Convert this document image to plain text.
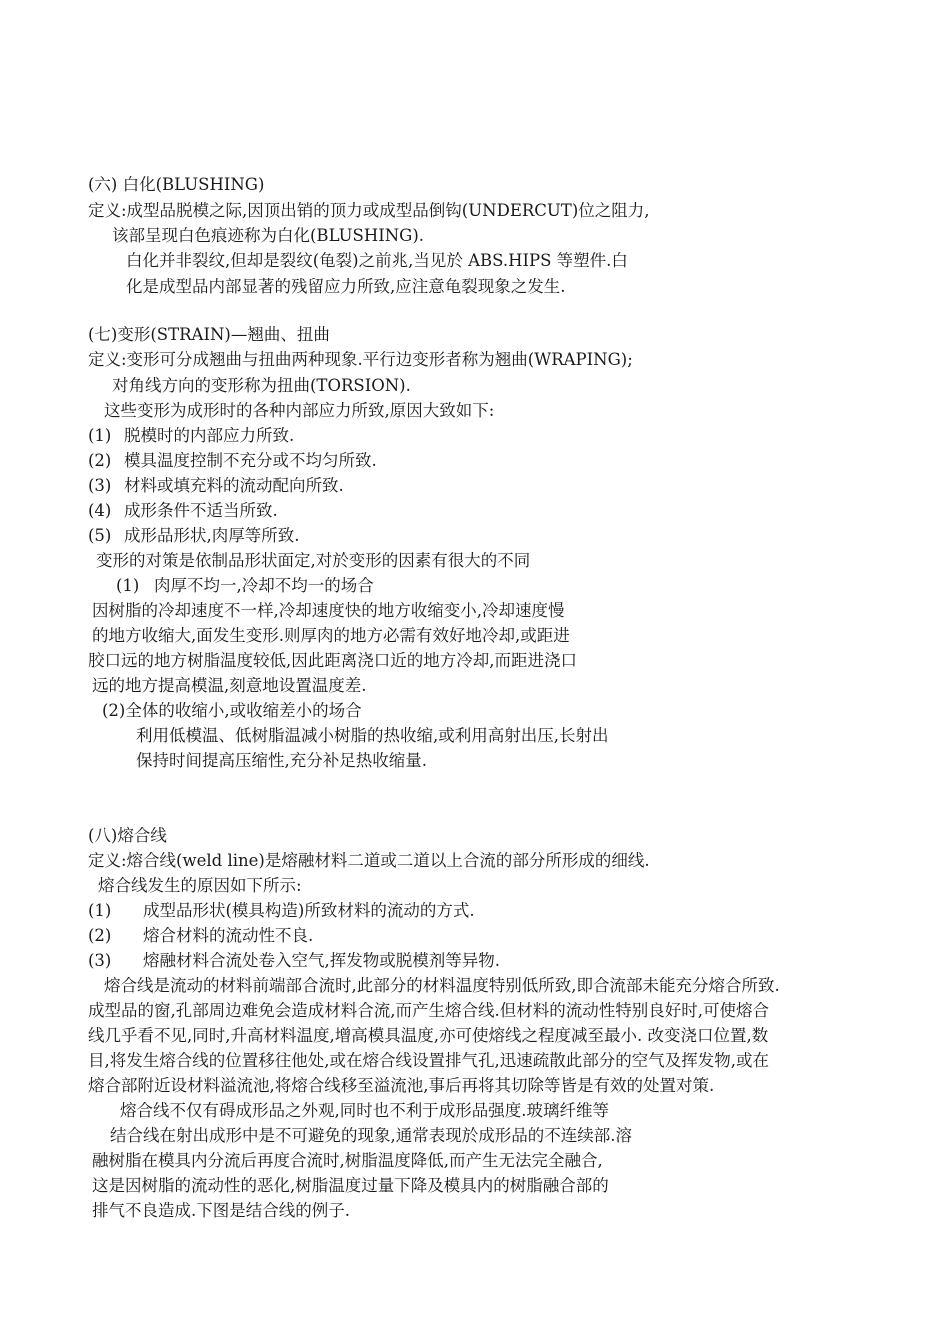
(六) 白化(BLUSHING)
定义:成型品脱模之际,因顶出销的顶力或成型品倒钩(UNDERCUT)位之阻力,
该部呈现白色痕迹称为白化(BLUSHING).
白化并非裂纹,但却是裂纹(龟裂)之前兆,当见於 ABS.HIPS 等塑件.白
化是成型品内部显著的残留应力所致,应注意龟裂现象之发生.
(七)变形(STRAIN)—翘曲、扭曲
定义:变形可分成翘曲与扭曲两种现象.平行边变形者称为翘曲(WRAPING);
对角线方向的变形称为扭曲(TORSION).
这些变形为成形时的各种内部应力所致,原因大致如下:
(1) 脱模时的内部应力所致.
(2) 模具温度控制不充分或不均匀所致.
(3) 材料或填充料的流动配向所致.
(4) 成形条件不适当所致.
(5) 成形品形状,肉厚等所致.
变形的对策是依制品形状面定,对於变形的因素有很大的不同
(1) 肉厚不均一,冷却不均一的场合
因树脂的冷却速度不一样,冷却速度快的地方收缩变小,冷却速度慢
的地方收缩大,面发生变形.则厚肉的地方必需有效好地冷却,或距进
胶口远的地方树脂温度较低,因此距离浇口近的地方冷却,而距进浇口
远的地方提高模温,刻意地设置温度差.
(2)全体的收缩小,或收缩差小的场合
利用低模温、低树脂温减小树脂的热收缩,或利用高射出压,长射出
保持时间提高压缩性,充分补足热收缩量.
(八)熔合线
定义:熔合线(weld line)是熔融材料二道或二道以上合流的部分所形成的细线.
熔合线发生的原因如下所示:
(1) 成型品形状(模具构造)所致材料的流动的方式.
(2) 熔合材料的流动性不良.
(3) 熔融材料合流处卷入空气,挥发物或脱模剂等异物.
熔合线是流动的材料前端部合流时,此部分的材料温度特别低所致,即合流部未能充分熔合所致.
成型品的窗,孔部周边难免会造成材料合流,而产生熔合线.但材料的流动性特别良好时,可使熔合
线几乎看不见,同时,升高材料温度,增高模具温度,亦可使熔线之程度减至最小. 改变浇口位置,数
目,将发生熔合线的位置移往他处,或在熔合线设置排气孔,迅速疏散此部分的空气及挥发物,或在
熔合部附近设材料溢流池,将熔合线移至溢流池,事后再将其切除等皆是有效的处置对策.
熔合线不仅有碍成形品之外观,同时也不利于成形品强度.玻璃纤维等
结合线在射出成形中是不可避免的现象,通常表现於成形品的不连续部.溶
融树脂在模具内分流后再度合流时,树脂温度降低,而产生无法完全融合,
这是因树脂的流动性的恶化,树脂温度过量下降及模具内的树脂融合部的
排气不良造成.下图是结合线的例子.
